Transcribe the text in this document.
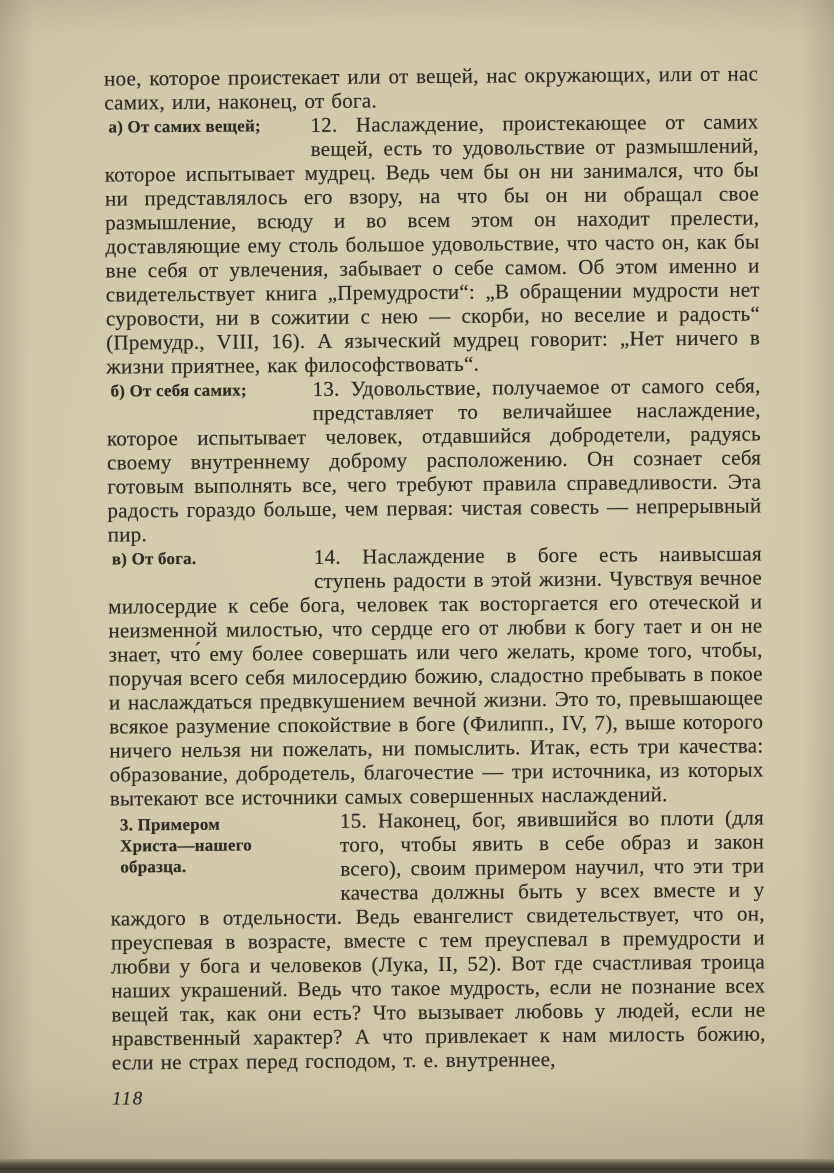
ное, которое проистекает или от вещей, нас окружающих, или от нас самих, или, наконец, от бога.

а) От самих вещей;	12. Наслаждение, проистекающее от самих вещей, есть то удовольствие от размышлений, которое испытывает мудрец. Ведь чем бы он ни занимался, что бы ни представлялось его взору, на что бы он ни обращал свое размышление, всюду и во всем этом он находит прелести, доставляющие ему столь большое удовольствие, что часто он, как бы вне себя от увлечения, забывает о себе самом. Об этом именно и свидетельствует книга „Премудрости“: „В обращении мудрости нет суровости, ни в сожитии с нею — скорби, но веселие и радость“ (Премудр., VIII, 16). А языческий мудрец говорит: „Нет ничего в жизни приятнее, как философствовать“.

б) От себя самих;	13. Удовольствие, получаемое от самого себя, представляет то величайшее наслаждение, которое испытывает человек, отдавшийся добродетели, радуясь своему внутреннему доброму расположению. Он сознает себя готовым выполнять все, чего требуют правила справедливости. Эта радость гораздо больше, чем первая: чистая совесть — непрерывный пир.

в) От бога.	14. Наслаждение в боге есть наивысшая ступень радости в этой жизни. Чувствуя вечное милосердие к себе бога, человек так восторгается его отеческой и неизменной милостью, что сердце его от любви к богу тает и он не знает, что́ ему более совершать или чего желать, кроме того, чтобы, поручая всего себя милосердию божию, сладостно пребывать в покое и наслаждаться предвкушением вечной жизни. Это то, превышающее всякое разумение спокойствие в боге (Филипп., IV, 7), выше которого ничего нельзя ни пожелать, ни помыслить. Итак, есть три качества: образование, добродетель, благочестие — три источника, из которых вытекают все источники самых совершенных наслаждений.

3. Примером Христа—нашего образца.
15. Наконец, бог, явившийся во плоти (для того, чтобы явить в себе образ и закон всего), своим примером научил, что эти три качества должны быть у всех вместе и у каждого в отдельности. Ведь евангелист свидетельствует, что он, преуспевая в возрасте, вместе с тем преуспевал в премудрости и любви у бога и человеков (Лука, II, 52). Вот где счастливая троица наших украшений. Ведь что такое мудрость, если не познание всех вещей так, как они есть? Что вызывает любовь у людей, если не нравственный характер? А что привлекает к нам милость божию, если не страх перед господом, т. е. внутреннее,

118
